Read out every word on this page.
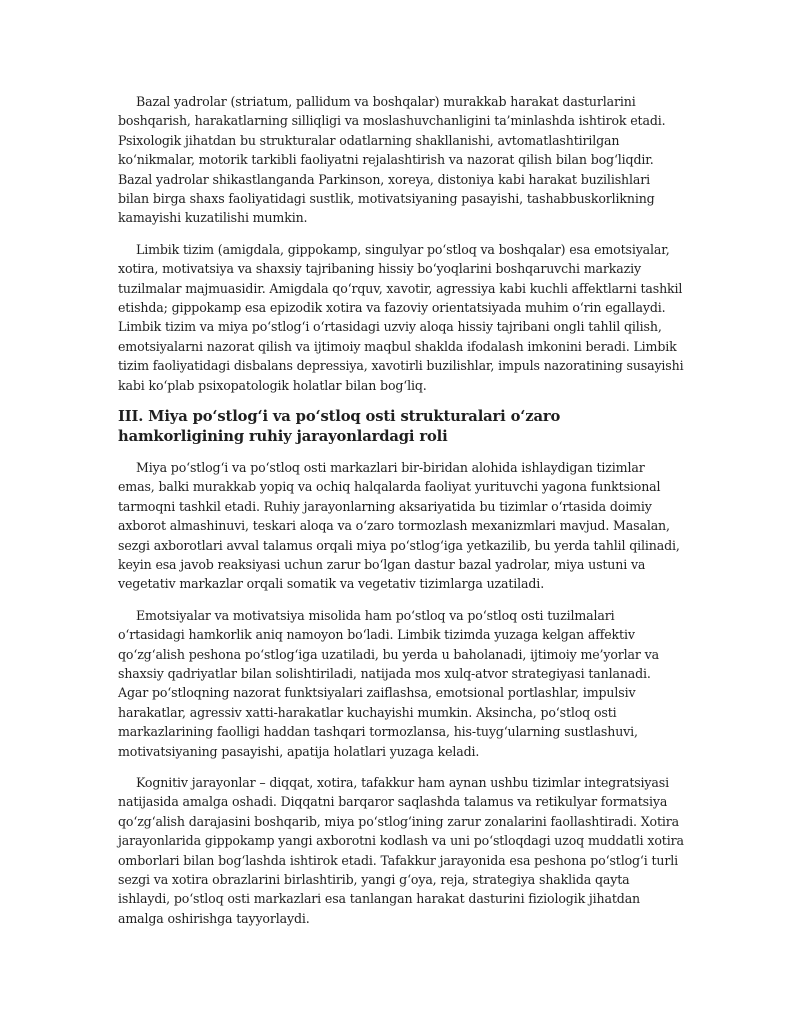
Bazal yadrolar (striatum, pallidum va boshqalar) murakkab harakat dasturlarini boshqarish, harakatlarning silliqligi va moslashuvchanligini ta’minlashda ishtirok etadi. Psixologik jihatdan bu strukturalar odatlarning shakllanishi, avtomatlashtirilgan ko‘nikmalar, motorik tarkibli faoliyatni rejalashtirish va nazorat qilish bilan bog‘liqdir. Bazal yadrolar shikastlanganda Parkinson, xoreya, distoniya kabi harakat buzilishlari bilan birga shaxs faoliyatidagi sustlik, motivatsiyaning pasayishi, tashabbuskorlikning kamayishi kuzatilishi mumkin.

Limbik tizim (amigdala, gippokamp, singulyar po‘stloq va boshqalar) esa emotsiyalar, xotira, motivatsiya va shaxsiy tajribaning hissiy bo‘yoqlarini boshqaruvchi markaziy tuzilmalar majmuasidir. Amigdala qo‘rquv, xavotir, agressiya kabi kuchli affektlarni tashkil etishda; gippokamp esa epizodik xotira va fazoviy orientatsiyada muhim o‘rin egallaydi. Limbik tizim va miya po‘stlog‘i o‘rtasidagi uzviy aloqa hissiy tajribani ongli tahlil qilish, emotsiyalarni nazorat qilish va ijtimoiy maqbul shaklda ifodalash imkonini beradi. Limbik tizim faoliyatidagi disbalans depressiya, xavotirli buzilishlar, impuls nazoratining susayishi kabi ko‘plab psixopatologik holatlar bilan bog‘liq.

III. Miya po‘stlog‘i va po‘stloq osti strukturalari o‘zaro hamkorligining ruhiy jarayonlardagi roli

Miya po‘stlog‘i va po‘stloq osti markazlari bir-biridan alohida ishlaydigan tizimlar emas, balki murakkab yopiq va ochiq halqalarda faoliyat yurituvchi yagona funktsional tarmoqni tashkil etadi. Ruhiy jarayonlarning aksariyatida bu tizimlar o‘rtasida doimiy axborot almashinuvi, teskari aloqa va o‘zaro tormozlash mexanizmlari mavjud. Masalan, sezgi axborotlari avval talamus orqali miya po‘stlog‘iga yetkazilib, bu yerda tahlil qilinadi, keyin esa javob reaksiyasi uchun zarur bo‘lgan dastur bazal yadrolar, miya ustuni va vegetativ markazlar orqali somatik va vegetativ tizimlarga uzatiladi.

Emotsiyalar va motivatsiya misolida ham po‘stloq va po‘stloq osti tuzilmalari o‘rtasidagi hamkorlik aniq namoyon bo‘ladi. Limbik tizimda yuzaga kelgan affektiv qo‘zg‘alish peshona po‘stlog‘iga uzatiladi, bu yerda u baholanadi, ijtimoiy me’yorlar va shaxsiy qadriyatlar bilan solishtiriladi, natijada mos xulq-atvor strategiyasi tanlanadi. Agar po‘stloqning nazorat funktsiyalari zaiflashsa, emotsional portlashlar, impulsiv harakatlar, agressiv xatti-harakatlar kuchayishi mumkin. Aksincha, po‘stloq osti markazlarining faolligi haddan tashqari tormozlansa, his-tuyg‘ularning sustlashuvi, motivatsiyaning pasayishi, apatija holatlari yuzaga keladi.

Kognitiv jarayonlar – diqqat, xotira, tafakkur ham aynan ushbu tizimlar integratsiyasi natijasida amalga oshadi. Diqqatni barqaror saqlashda talamus va retikulyar formatsiya qo‘zg‘alish darajasini boshqarib, miya po‘stlog‘ining zarur zonalarini faollashtiradi. Xotira jarayonlarida gippokamp yangi axborotni kodlash va uni po‘stloqdagi uzoq muddatli xotira omborlari bilan bog‘lashda ishtirok etadi. Tafakkur jarayonida esa peshona po‘stlog‘i turli sezgi va xotira obrazlarini birlashtirib, yangi g‘oya, reja, strategiya shaklida qayta ishlaydi, po‘stloq osti markazlari esa tanlangan harakat dasturini fiziologik jihatdan amalga oshirishga tayyorlaydi.
